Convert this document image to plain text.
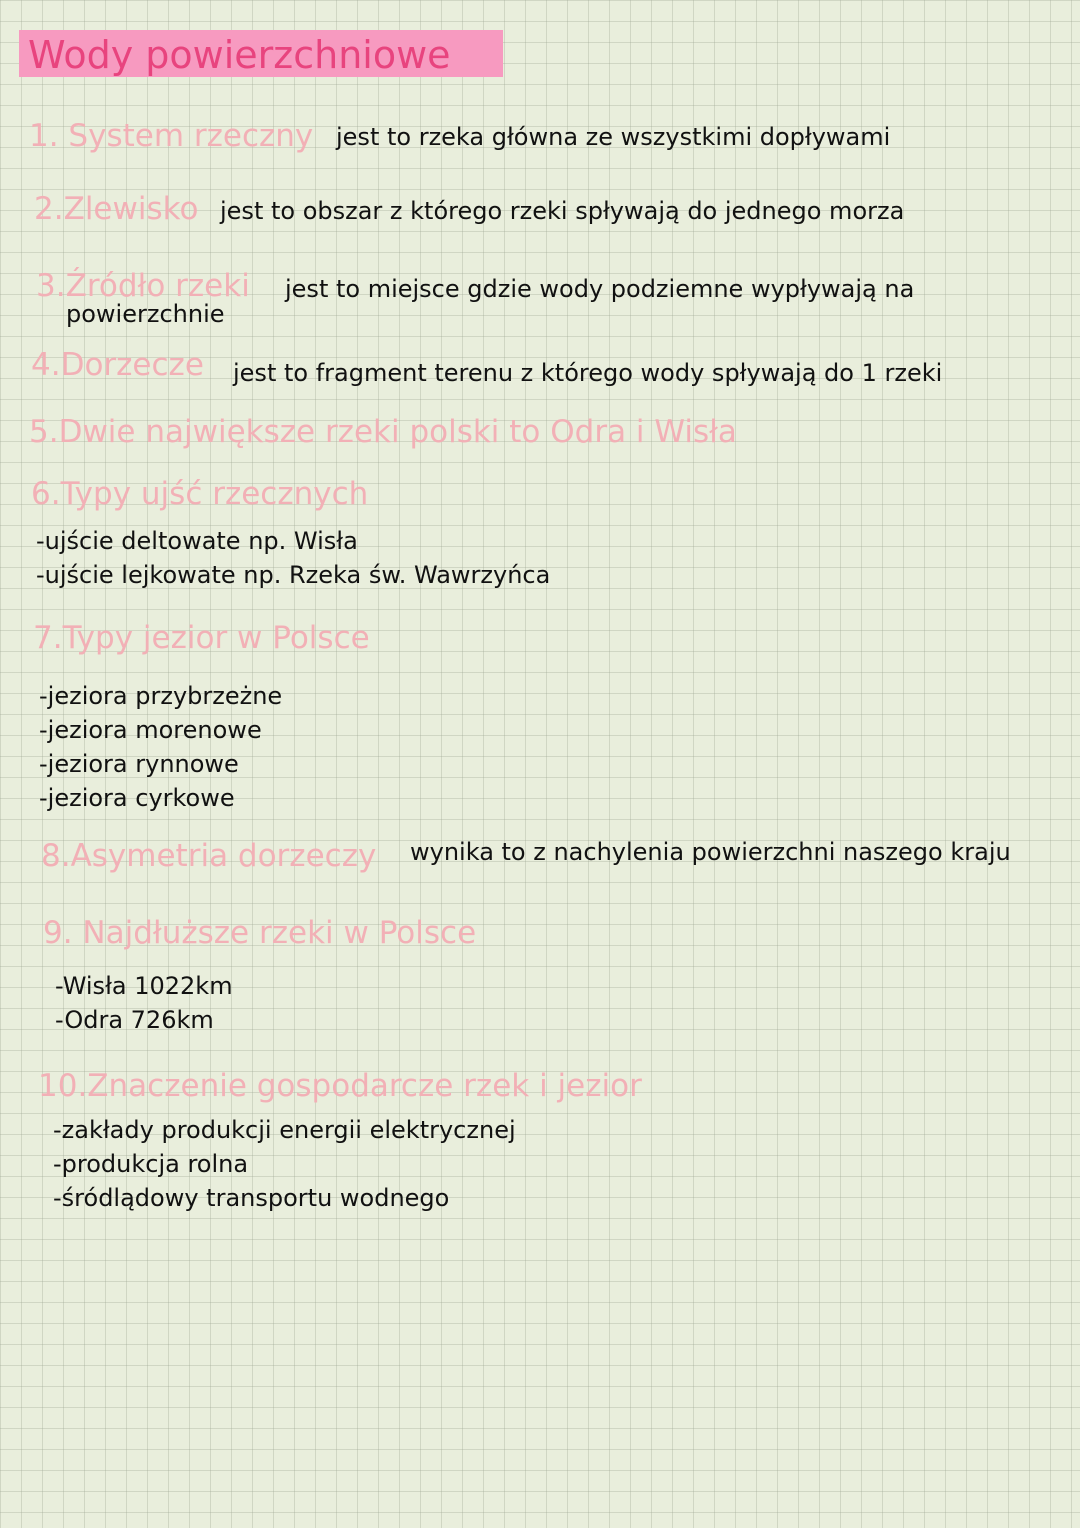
Wody powierzchniowe
1. System rzeczny jest to rzeka główna ze wszystkimi dopływami
2.Zlewisko jest to obszar z którego rzeki spływają do jednego morza
3.Źródło rzeki jest to miejsce gdzie wody podziemne wypływają na
powierzchnie
4.Dorzecze jest to fragment terenu z którego wody spływają do 1 rzeki
5.Dwie największe rzeki polski to Odra i Wisła
6.Typy ujść rzecznych
-ujście deltowate np. Wisła
-ujście lejkowate np. Rzeka św. Wawrzyńca
7.Typy jezior w Polsce
-jeziora przybrzeżne
-jeziora morenowe
-jeziora rynnowe
-jeziora cyrkowe
8.Asymetria dorzeczy wynika to z nachylenia powierzchni naszego kraju
9. Najdłuższe rzeki w Polsce
-Wisła 1022km
-Odra 726km
10.Znaczenie gospodarcze rzek i jezior
-zakłady produkcji energii elektrycznej
-produkcja rolna
-śródlądowy transportu wodnego
